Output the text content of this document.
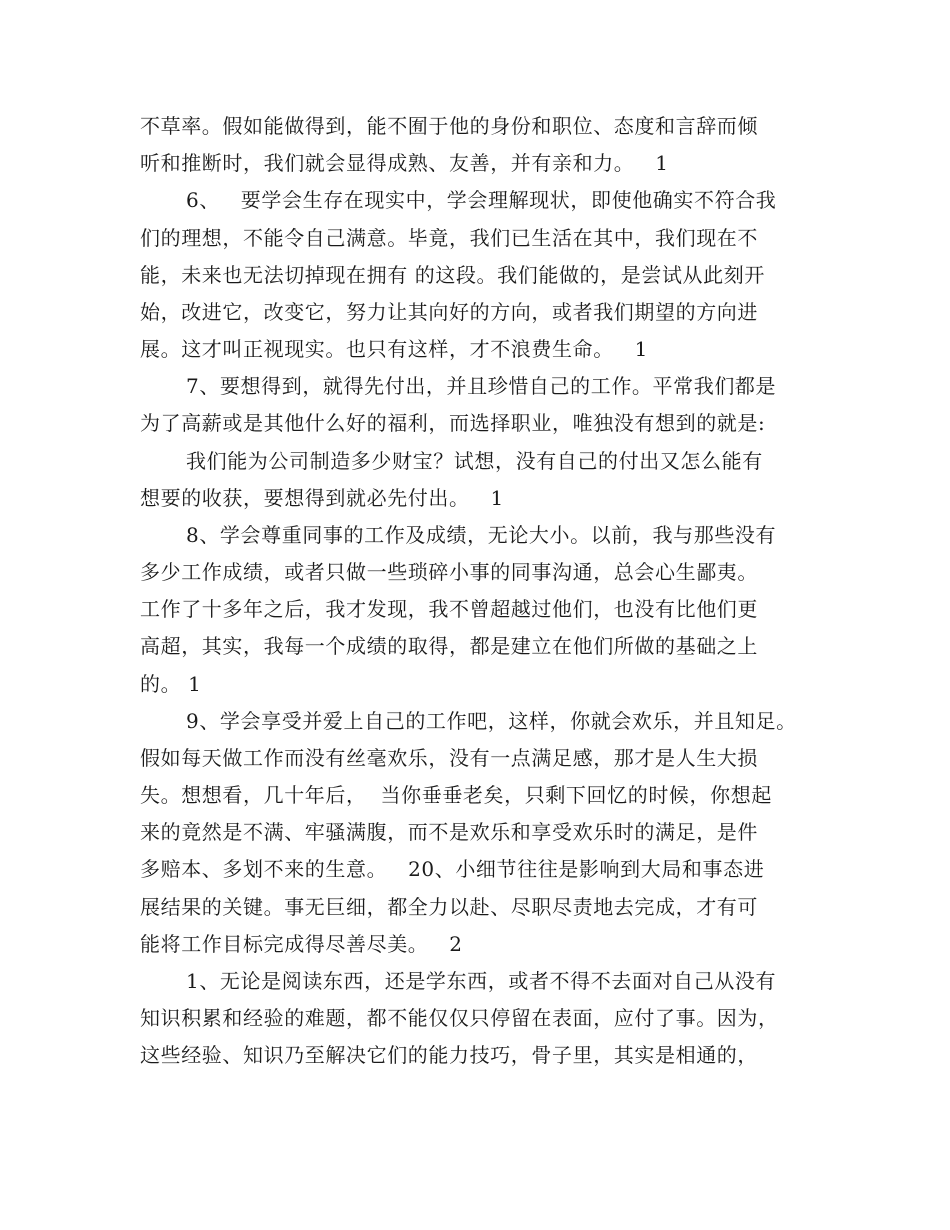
不草率。假如能做得到，能不囿于他的身份和职位、态度和言辞而倾
听和推断时，我们就会显得成熟、友善，并有亲和力。   1
6、   要学会生存在现实中，学会理解现状，即使他确实不符合我
们的理想，不能令自己满意。毕竟，我们已生活在其中，我们现在不
能，未来也无法切掉现在拥有 的这段。我们能做的，是尝试从此刻开
始，改进它，改变它，努力让其向好的方向，或者我们期望的方向进
展。这才叫正视现实。也只有这样，才不浪费生命。   1
7、要想得到，就得先付出，并且珍惜自己的工作。平常我们都是
为了高薪或是其他什么好的福利，而选择职业，唯独没有想到的就是:
我们能为公司制造多少财宝？试想，没有自己的付出又怎么能有
想要的收获，要想得到就必先付出。   1
8、学会尊重同事的工作及成绩，无论大小。以前，我与那些没有
多少工作成绩，或者只做一些琐碎小事的同事沟通，总会心生鄙夷。
工作了十多年之后，我才发现，我不曾超越过他们，也没有比他们更
高超，其实，我每一个成绩的取得，都是建立在他们所做的基础之上
的。 1
9、学会享受并爱上自己的工作吧，这样，你就会欢乐，并且知足。
假如每天做工作而没有丝毫欢乐，没有一点满足感，那才是人生大损
失。想想看，几十年后，  当你垂垂老矣，只剩下回忆的时候，你想起
来的竟然是不满、牢骚满腹，而不是欢乐和享受欢乐时的满足，是件
多赔本、多划不来的生意。   20、小细节往往是影响到大局和事态进
展结果的关键。事无巨细，都全力以赴、尽职尽责地去完成，才有可
能将工作目标完成得尽善尽美。   2
1、无论是阅读东西，还是学东西，或者不得不去面对自己从没有
知识积累和经验的难题，都不能仅仅只停留在表面，应付了事。因为，
这些经验、知识乃至解决它们的能力技巧，骨子里，其实是相通的，
